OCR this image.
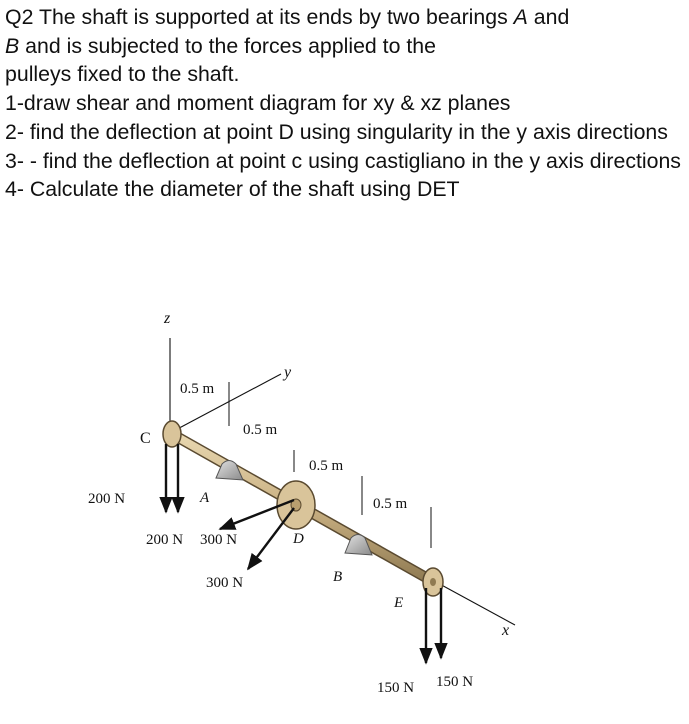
Q2 The shaft is supported at its ends by two bearings A and

B and is subjected to the forces applied to the

pulleys fixed to the shaft.

1-draw shear and moment diagram for xy & xz planes

2- find the deflection at point D using singularity in the y axis directions

3- - find the deflection at point c using castigliano in the y axis directions

4- Calculate the diameter of the shaft using DET

z
y
x
0.5 m
0.5 m
0.5 m
0.5 m
C
A
D
B
E
200 N
200 N 300 N
300 N
150 N 150 N
